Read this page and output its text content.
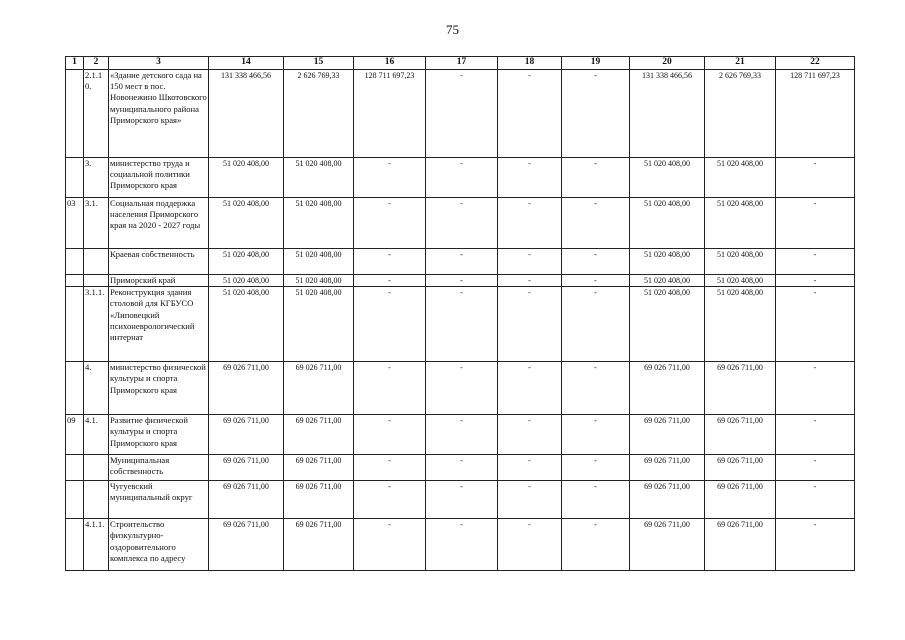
75
1	2	3	14	15	16	17	18	19	20	21	22
	2.1.1 0.	«Здание детского сада на 150 мест в пос. Новонежино Шкотовского муниципального района Приморского края»	131 338 466,56	2 626 769,33	128 711 697,23	-	-	-	131 338 466,56	2 626 769,33	128 711 697,23
	3.	министерство труда и социальной политики Приморского края	51 020 408,00	51 020 408,00	-	-	-	-	51 020 408,00	51 020 408,00	-
03	3.1.	Социальная поддержка населения Приморского края на 2020 - 2027 годы	51 020 408,00	51 020 408,00	-	-	-	-	51 020 408,00	51 020 408,00	-
		Краевая собственность	51 020 408,00	51 020 408,00	-	-	-	-	51 020 408,00	51 020 408,00	-
		Приморский край	51 020 408,00	51 020 408,00	-	-	-	-	51 020 408,00	51 020 408,00	-
	3.1.1.	Реконструкция здания столовой для КГБУСО «Липовецкий психоневрологический интернат	51 020 408,00	51 020 408,00	-	-	-	-	51 020 408,00	51 020 408,00	-
	4.	министерство физической культуры и спорта Приморского края	69 026 711,00	69 026 711,00	-	-	-	-	69 026 711,00	69 026 711,00	-
09	4.1.	Развитие физической культуры и спорта Приморского края	69 026 711,00	69 026 711,00	-	-	-	-	69 026 711,00	69 026 711,00	-
		Муниципальная собственность	69 026 711,00	69 026 711,00	-	-	-	-	69 026 711,00	69 026 711,00	-
		Чугуевский муниципальный округ	69 026 711,00	69 026 711,00	-	-	-	-	69 026 711,00	69 026 711,00	-
	4.1.1.	Строительство физкультурно-оздоровительного комплекса по адресу	69 026 711,00	69 026 711,00	-	-	-	-	69 026 711,00	69 026 711,00	-
